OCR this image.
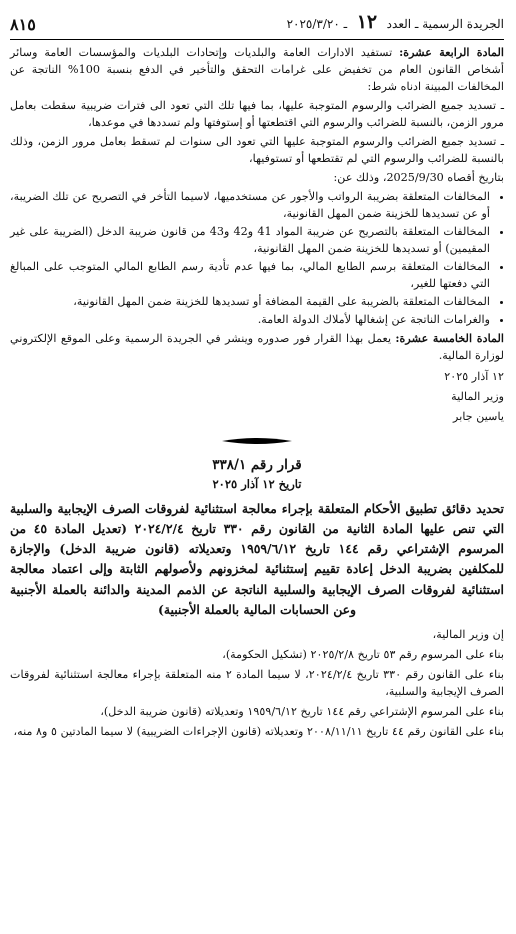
الجريدة الرسمية ـ العدد ١٢ ـ ٢٠٢٥/٣/٢٠
٨١٥

المادة الرابعة عشرة: تستفيد الادارات العامة والبلديات وإتحادات البلديات والمؤسسات العامة وسائر أشخاص القانون العام من تخفيض على غرامات التحقق والتأخير في الدفع بنسبة 100% الناتجة عن المخالفات المبينة ادناه شرط:

ـ تسديد جميع الضرائب والرسوم المتوجبة عليها، بما فيها تلك التي تعود الى فترات ضريبية سقطت بعامل مرور الزمن، بالنسبة للضرائب والرسوم التي اقتطعتها أو إستوفتها ولم تسددها في موعدها،

ـ تسديد جميع الضرائب والرسوم المتوجبة عليها التي تعود الى سنوات لم تسقط بعامل مرور الزمن، وذلك بالنسبة للضرائب والرسوم التي لم تقتطعها أو تستوفيها،

بتاريخ أقصاه 2025/9/30، وذلك عن:

• المخالفات المتعلقة بضريبة الرواتب والأجور عن مستخدميها، لاسيما التأخر في التصريح عن تلك الضريبة، أو عن تسديدها للخزينة ضمن المهل القانونية،
• المخالفات المتعلقة بالتصريح عن ضريبة المواد 41 و42 و43 من قانون ضريبة الدخل (الضريبة على غير المقيمين) أو تسديدها للخزينة ضمن المهل القانونية،
• المخالفات المتعلقة برسم الطابع المالي، بما فيها عدم تأدية رسم الطابع المالي المتوجب على المبالغ التي دفعتها للغير،
• المخالفات المتعلقة بالضريبة على القيمة المضافة أو تسديدها للخزينة ضمن المهل القانونية،
• والغرامات الناتجة عن إشغالها لأملاك الدولة العامة.

المادة الخامسة عشرة: يعمل بهذا القرار فور صدوره وينشر في الجريدة الرسمية وعلى الموقع الإلكتروني لوزارة المالية.

١٢ آذار ٢٠٢٥
وزير المالية
ياسين جابر
قرار رقم ٣٣٨/١
تاريخ ١٢ آذار ٢٠٢٥
تحديد دقائق تطبيق الأحكام المتعلقة بإجراء معالجة استثنائية لفروقات الصرف الإيجابية والسلبية التي تنص عليها المادة الثانية من القانون رقم ٣٣٠ تاريخ ٢٠٢٤/٢/٤ (تعديل المادة ٤٥ من المرسوم الإشتراعي رقم ١٤٤ تاريخ ١٩٥٩/٦/١٢ وتعديلاته (قانون ضريبة الدخل) والإجازة للمكلفين بضريبة الدخل إعادة تقييم إستثنائية لمخزونهم ولأصولهم الثابتة وإلى اعتماد معالجة استثنائية لفروقات الصرف الإيجابية والسلبية الناتجة عن الذمم المدينة والدائنة بالعملة الأجنبية وعن الحسابات المالية بالعملة الأجنبية)

إن وزير المالية،

بناء على المرسوم رقم ٥٣ تاريخ ٢٠٢٥/٢/٨ (تشكيل الحكومة)،

بناء على القانون رقم ٣٣٠ تاريخ ٢٠٢٤/٢/٤، لا سيما المادة ٢ منه المتعلقة بإجراء معالجة استثنائية لفروقات الصرف الإيجابية والسلبية،

بناء على المرسوم الإشتراعي رقم ١٤٤ تاريخ ١٩٥٩/٦/١٢ وتعديلاته (قانون ضريبة الدخل)،

بناء على القانون رقم ٤٤ تاريخ ٢٠٠٨/١١/١١ وتعديلاته (قانون الإجراءات الضريبية) لا سيما المادتين ٥ و٨ منه،
